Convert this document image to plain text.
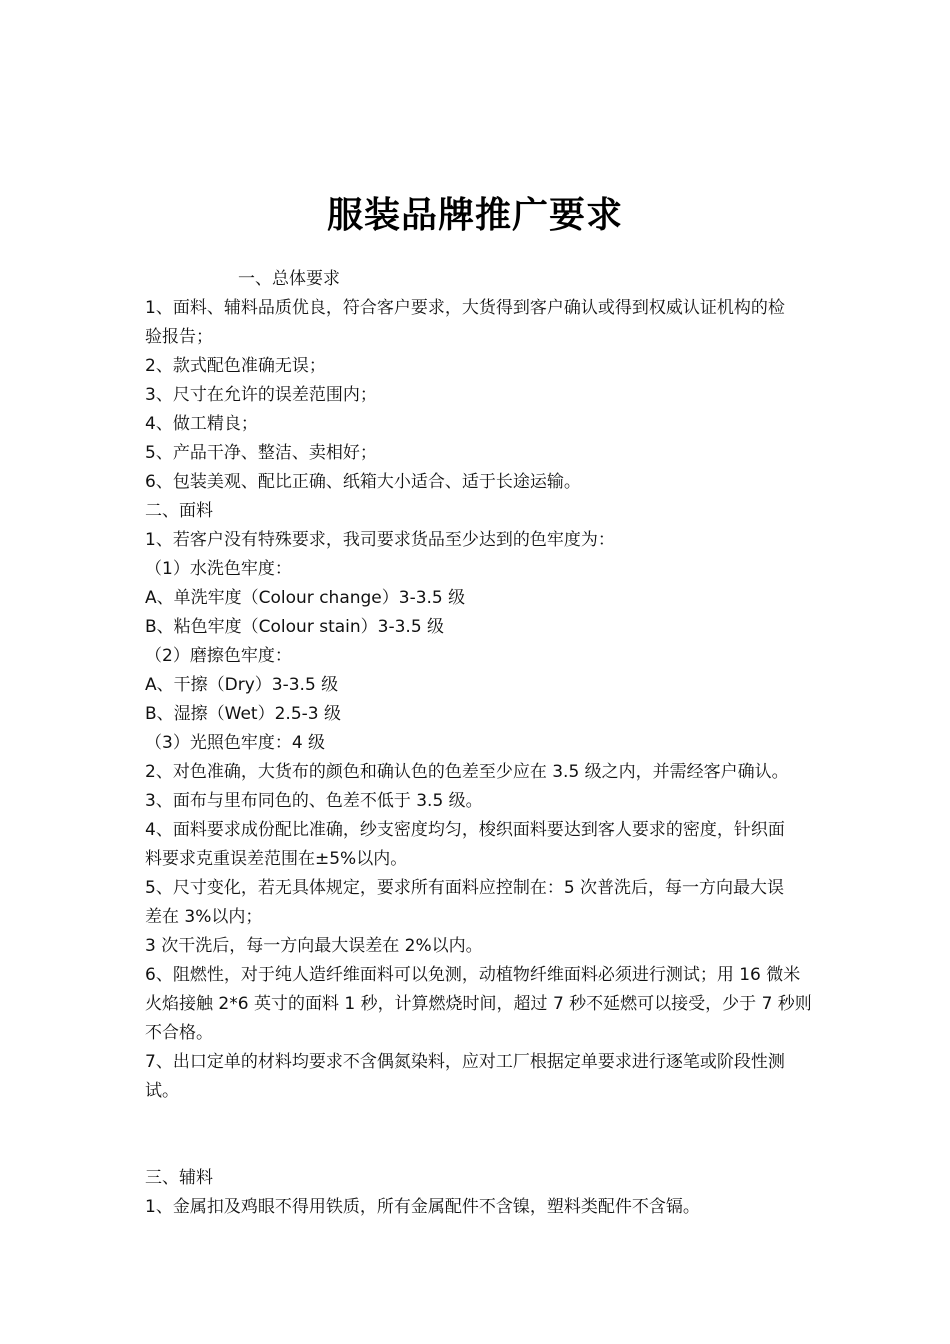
服装品牌推广要求
一、总体要求
1、面料、辅料品质优良，符合客户要求，大货得到客户确认或得到权威认证机构的检
验报告；
2、款式配色准确无误；
3、尺寸在允许的误差范围内；
4、做工精良；
5、产品干净、整洁、卖相好；
6、包装美观、配比正确、纸箱大小适合、适于长途运输。
二、面料
1、若客户没有特殊要求，我司要求货品至少达到的色牢度为：
（1）水洗色牢度：
A、单洗牢度（Colour change）3-3.5 级
B、粘色牢度（Colour stain）3-3.5 级
（2）磨擦色牢度：
A、干擦（Dry）3-3.5 级
B、湿擦（Wet）2.5-3 级
（3）光照色牢度：4 级
2、对色准确，大货布的颜色和确认色的色差至少应在 3.5 级之内，并需经客户确认。
3、面布与里布同色的、色差不低于 3.5 级。
4、面料要求成份配比准确，纱支密度均匀，梭织面料要达到客人要求的密度，针织面
料要求克重误差范围在±5%以内。
5、尺寸变化，若无具体规定，要求所有面料应控制在：5 次普洗后，每一方向最大误
差在 3%以内；
3 次干洗后，每一方向最大误差在 2%以内。
6、阻燃性，对于纯人造纤维面料可以免测，动植物纤维面料必须进行测试；用 16 微米
火焰接触 2*6 英寸的面料 1 秒，计算燃烧时间，超过 7 秒不延燃可以接受，少于 7 秒则
不合格。
7、出口定单的材料均要求不含偶氮染料，应对工厂根据定单要求进行逐笔或阶段性测
试。
三、辅料
1、金属扣及鸡眼不得用铁质，所有金属配件不含镍，塑料类配件不含镉。
